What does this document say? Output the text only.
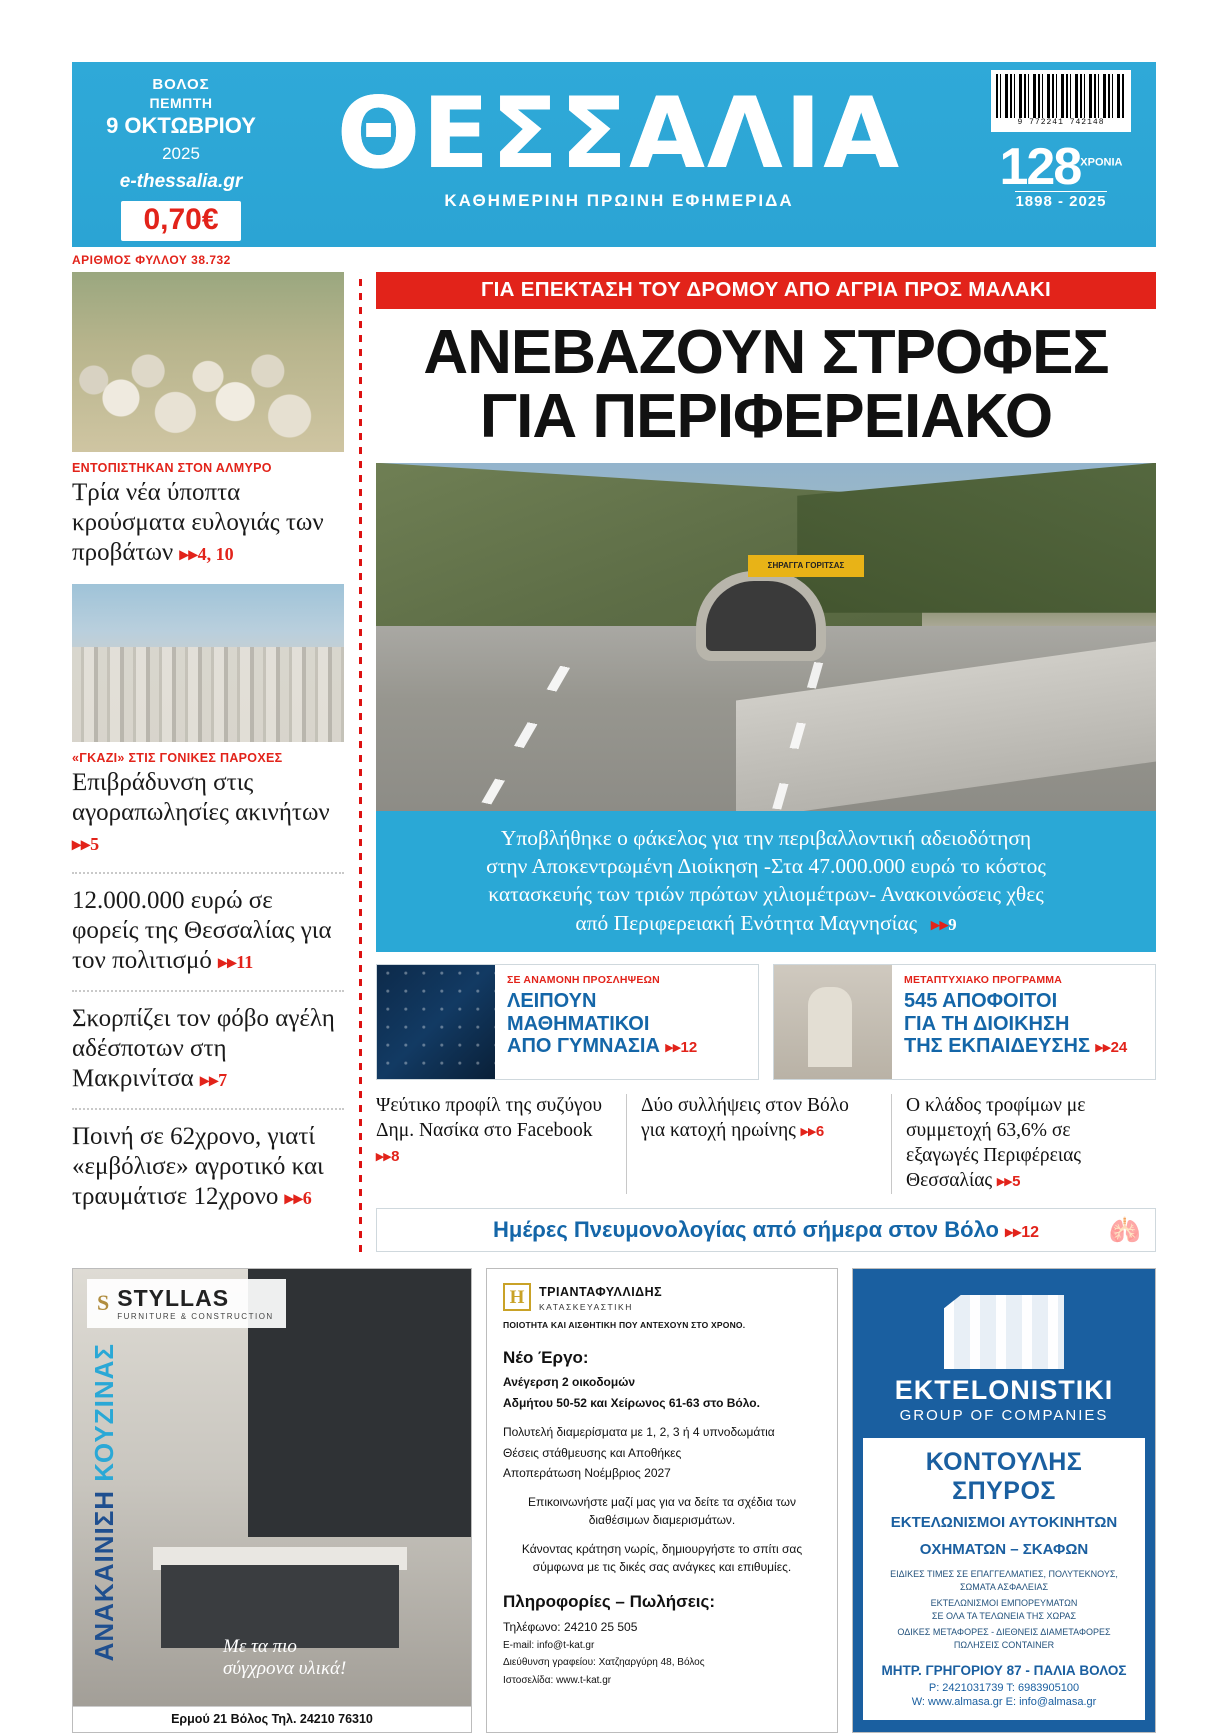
ΒΟΛΟΣ
ΠΕΜΠΤΗ
9 ΟΚΤΩΒΡΙΟΥ 2025
e-thessalia.gr
0,70€
ΘΕΣΣΑΛΙΑ
ΚΑΘΗΜΕΡΙΝΗ ΠΡΩΙΝΗ ΕΦΗΜΕΡΙΔΑ
9 772241 742148
$128^{XPONIA}$
1898 - 2025
ΑΡΙΘΜΟΣ ΦΥΛΛΟΥ 38.732
ΕΝΤΟΠΙΣΤΗΚΑΝ ΣΤΟΝ ΑΛΜΥΡΟ
Τρία νέα ύποπτα κρούσματα ευλογιάς των προβάτων ▸▸4, 10
«ΓΚΑΖΙ» ΣΤΙΣ ΓΟΝΙΚΕΣ ΠΑΡΟΧΕΣ
Επιβράδυνση στις αγοραπωλησίες ακινήτων ▸▸5
12.000.000 ευρώ σε φορείς της Θεσσαλίας για τον πολιτισμό ▸▸11
Σκορπίζει τον φόβο αγέλη αδέσποτων στη Μακρινίτσα ▸▸7
Ποινή σε 62χρονο, γιατί «εμβόλισε» αγροτικό και τραυμάτισε 12χρονο ▸▸6
ΓΙΑ ΕΠΕΚΤΑΣΗ ΤΟΥ ΔΡΟΜΟΥ ΑΠΟ ΑΓΡΙΑ ΠΡΟΣ ΜΑΛΑΚΙ
ΑΝΕΒΑΖΟΥΝ ΣΤΡΟΦΕΣ
ΓΙΑ ΠΕΡΙΦΕΡΕΙΑΚΟ
ΣΗΡΑΓΓΑ ΓΟΡΙΤΣΑΣ
Υποβλήθηκε ο φάκελος για την περιβαλλοντική αδειοδότηση
στην Αποκεντρωμένη Διοίκηση -Στα 47.000.000 ευρώ το κόστος
κατασκευής των τριών πρώτων χιλιομέτρων- Ανακοινώσεις χθες
από Περιφερειακή Ενότητα Μαγνησίας ▸▸9
ΣΕ ΑΝΑΜΟΝΗ ΠΡΟΣΛΗΨΕΩΝ
ΛΕΙΠΟΥΝ
ΜΑΘΗΜΑΤΙΚΟΙ
ΑΠΟ ΓΥΜΝΑΣΙΑ ▸▸12
ΜΕΤΑΠΤΥΧΙΑΚΟ ΠΡΟΓΡΑΜΜΑ
545 ΑΠΟΦΟΙΤΟΙ
ΓΙΑ ΤΗ ΔΙΟΙΚΗΣΗ
ΤΗΣ ΕΚΠΑΙΔΕΥΣΗΣ ▸▸24
Ψεύτικο προφίλ της συζύγου Δημ. Νασίκα στο Facebook ▸▸8
Δύο συλλήψεις στον Βόλο για κατοχή ηρωίνης ▸▸6
Ο κλάδος τροφίμων με συμμετοχή 63,6% σε εξαγωγές Περιφέρειας Θεσσαλίας ▸▸5
Ημέρες Πνευμονολογίας από σήμερα στον Βόλο ▸▸12	🫁
S STYLLAS
FURNITURE & CONSTRUCTION
ΑΝΑΚΑΙΝΙΣΗ ΚΟΥΖΙΝΑΣ
Με τα πιο
σύγχρονα υλικά!
Ερμού 21 Βόλος Τηλ. 24210 76310
Η	ΤΡΙΑΝΤΑΦΥΛΛΙΔΗΣ
ΚΑΤΑΣΚΕΥΑΣΤΙΚΗ
ΠΟΙΟΤΗΤΑ ΚΑΙ ΑΙΣΘΗΤΙΚΗ ΠΟΥ ΑΝΤΕΧΟΥΝ ΣΤΟ ΧΡΟΝΟ.
Νέο Έργο:

Ανέγερση 2 οικοδομών

Αδμήτου 50-52 και Χείρωνος 61-63 στο Βόλο.

Πολυτελή διαμερίσματα με 1, 2, 3 ή 4 υπνοδωμάτια

Θέσεις στάθμευσης και Αποθήκες

Αποπεράτωση Νοέμβριος 2027

Επικοινωνήστε μαζί μας για να δείτε τα σχέδια των διαθέσιμων διαμερισμάτων.

Κάνοντας κράτηση νωρίς, δημιουργήστε το σπίτι σας σύμφωνα με τις δικές σας ανάγκες και επιθυμίες.

Πληροφορίες – Πωλήσεις:

Τηλέφωνο: 24210 25 505

E-mail: info@t-kat.gr

Διεύθυνση γραφείου: Χατζηαργύρη 48, Βόλος

Ιστοσελίδα: www.t-kat.gr

EKTELONISTIKI
GROUP OF COMPANIES
ΚΟΝΤΟΥΛΗΣ ΣΠΥΡΟΣ
ΕΚΤΕΛΩΝΙΣΜΟΙ ΑΥΤΟΚΙΝΗΤΩΝ
ΟΧΗΜΑΤΩΝ – ΣΚΑΦΩΝ
ΕΙΔΙΚΕΣ ΤΙΜΕΣ ΣΕ ΕΠΑΓΓΕΛΜΑΤΙΕΣ, ΠΟΛΥΤΕΚΝΟΥΣ, ΣΩΜΑΤΑ ΑΣΦΑΛΕΙΑΣ
ΕΚΤΕΛΩΝΙΣΜΟΙ ΕΜΠΟΡΕΥΜΑΤΩΝ
ΣΕ ΟΛΑ ΤΑ ΤΕΛΩΝΕΙΑ ΤΗΣ ΧΩΡΑΣ
ΟΔΙΚΕΣ ΜΕΤΑΦΟΡΕΣ - ΔΙΕΘΝΕΙΣ ΔΙΑΜΕΤΑΦΟΡΕΣ
ΠΩΛΗΣΕΙΣ CONTAINER
ΜΗΤΡ. ΓΡΗΓΟΡΙΟΥ 87 - ΠΑΛΙΑ ΒΟΛΟΣ
P: 2421031739 T: 6983905100
W: www.almasa.gr E: info@almasa.gr
